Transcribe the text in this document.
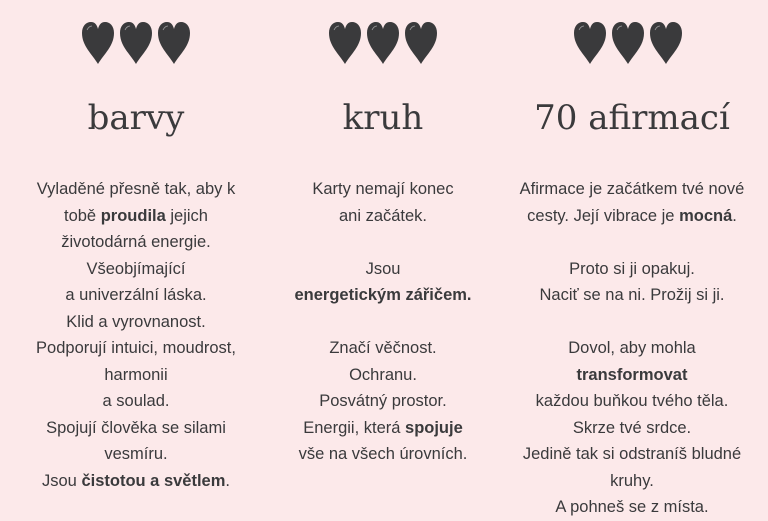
barvy
Vyladěné přesně tak, aby k
tobě proudila jejich
životodárná energie.
Všeobjímající
a univerzální láska.
Klid a vyrovnanost.
Podporují intuici, moudrost,
harmonii
a soulad.
Spojují člověka se silami
vesmíru.
Jsou čistotou a světlem.
kruh
Karty nemají konec
ani začátek.
Jsou
energetickým zářičem.
Značí věčnost.
Ochranu.
Posvátný prostor.
Energii, která spojuje
vše na všech úrovních.
70 afirmací
Afirmace je začátkem tvé nové
cesty. Její vibrace je mocná.
Proto si ji opakuj.
Naciť se na ni. Prožij si ji.
Dovol, aby mohla
transformovat
každou buňkou tvého těla.
Skrze tvé srdce.
Jedině tak si odstraníš bludné
kruhy.
A pohneš se z místa.
